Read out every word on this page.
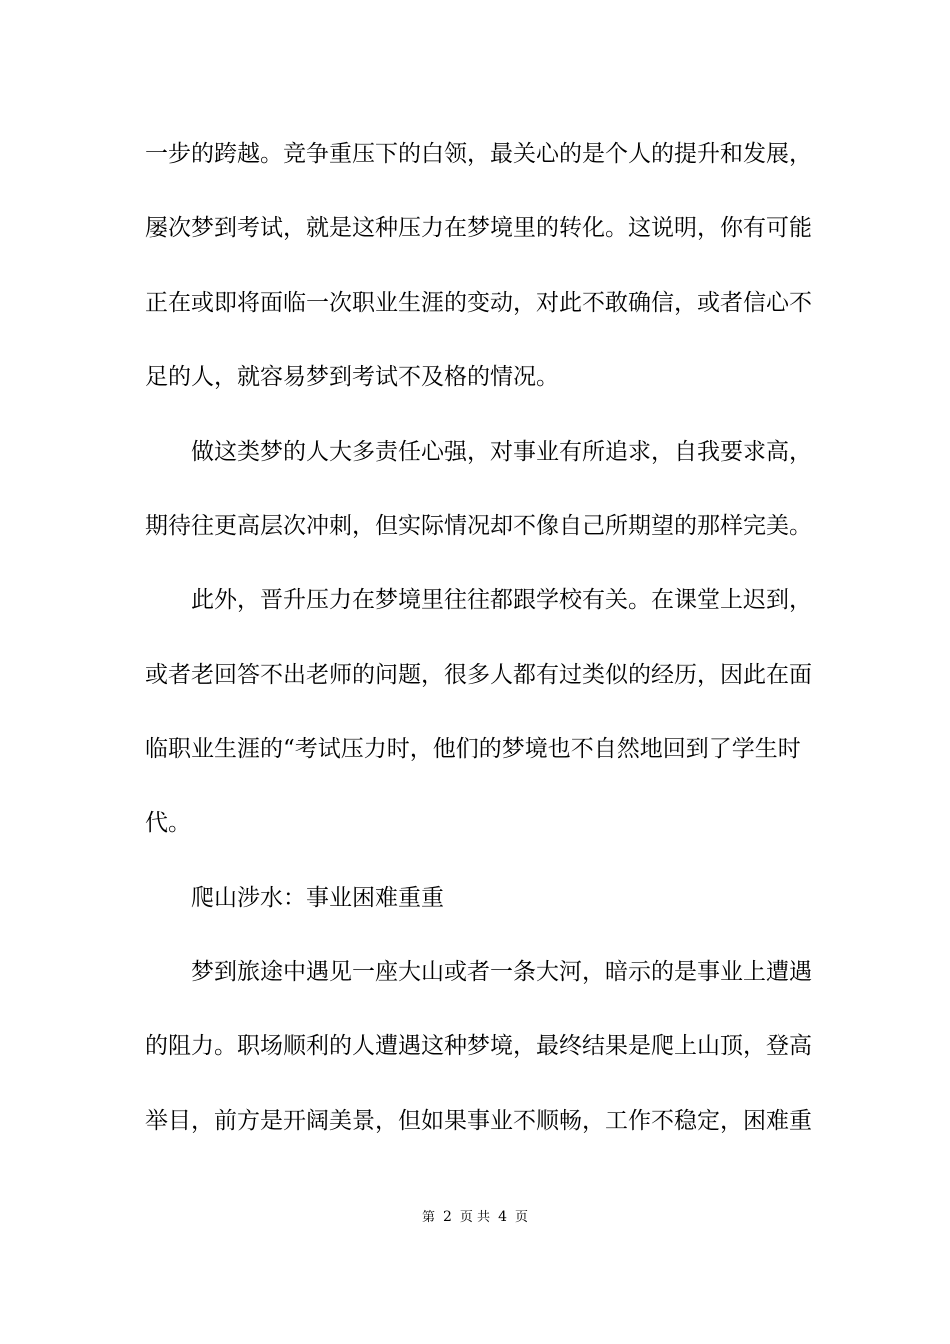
一步的跨越。竞争重压下的白领，最关心的是个人的提升和发展，
屡次梦到考试，就是这种压力在梦境里的转化。这说明，你有可能
正在或即将面临一次职业生涯的变动，对此不敢确信，或者信心不
足的人，就容易梦到考试不及格的情况。
做这类梦的人大多责任心强，对事业有所追求，自我要求高，
期待往更高层次冲刺，但实际情况却不像自己所期望的那样完美。
此外，晋升压力在梦境里往往都跟学校有关。在课堂上迟到，
或者老回答不出老师的问题，很多人都有过类似的经历，因此在面
临职业生涯的“考试压力时，他们的梦境也不自然地回到了学生时
代。
爬山涉水：事业困难重重
梦到旅途中遇见一座大山或者一条大河，暗示的是事业上遭遇
的阻力。职场顺利的人遭遇这种梦境，最终结果是爬上山顶，登高
举目，前方是开阔美景，但如果事业不顺畅，工作不稳定，困难重
第 2 页 共 4 页
